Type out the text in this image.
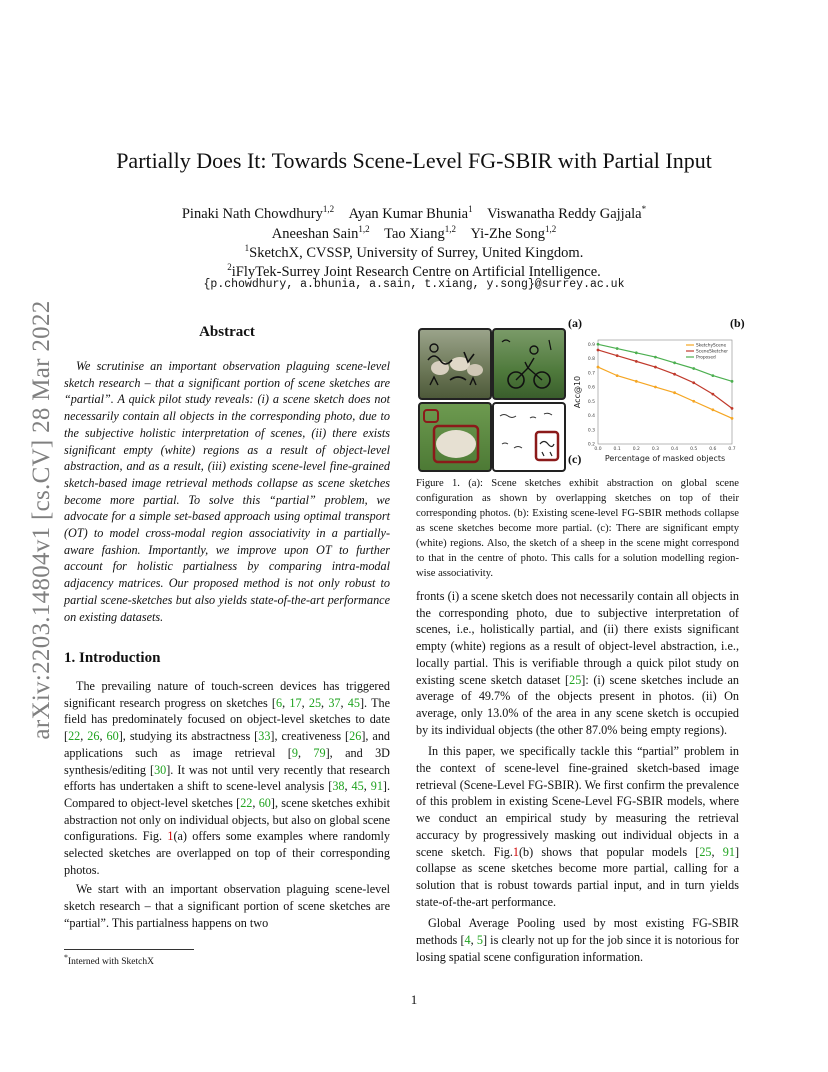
arXiv:2203.14804v1 [cs.CV] 28 Mar 2022
Partially Does It: Towards Scene-Level FG-SBIR with Partial Input
Pinaki Nath Chowdhury$^{1,2}$  Ayan Kumar Bhunia$^1$  Viswanatha Reddy Gajjala*
Aneeshan Sain$^{1,2}$  Tao Xiang$^{1,2}$  Yi-Zhe Song$^{1,2}$
$^1$SketchX, CVSSP, University of Surrey, United Kingdom.
$^2$iFlyTek-Surrey Joint Research Centre on Artificial Intelligence.
{p.chowdhury, a.bhunia, a.sain, t.xiang, y.song}@surrey.ac.uk
Abstract
We scrutinise an important observation plaguing scene-level sketch research – that a significant portion of scene sketches are “partial”. A quick pilot study reveals: (i) a scene sketch does not necessarily contain all objects in the corresponding photo, due to the subjective holistic interpretation of scenes, (ii) there exists significant empty (white) regions as a result of object-level abstraction, and as a result, (iii) existing scene-level fine-grained sketch-based image retrieval methods collapse as scene sketches become more partial. To solve this “partial” problem, we advocate for a simple set-based approach using optimal transport (OT) to model cross-modal region associativity in a partially-aware fashion. Importantly, we improve upon OT to further account for holistic partialness by comparing intra-modal adjacency matrices. Our proposed method is not only robust to partial scene-sketches but also yields state-of-the-art performance on existing datasets.
1. Introduction

The prevailing nature of touch-screen devices has triggered significant research progress on sketches [6, 17, 25, 37, 45]. The field has predominately focused on object-level sketches to date [22, 26, 60], studying its abstractness [33], creativeness [26], and applications such as image retrieval [9, 79], and 3D synthesis/editing [30]. It was not until very recently that research efforts has undertaken a shift to scene-level analysis [38, 45, 91]. Compared to object-level sketches [22, 60], scene sketches exhibit abstraction not only on individual objects, but also on global scene configurations. Fig. 1(a) offers some examples where randomly selected sketches are overlapped on top of their corresponding photos.

We start with an important observation plaguing scene-level sketch research – that a significant portion of scene sketches are “partial”. This partialness happens on two

*Interned with SketchX
(a)
(c)
0.0	0.1	0.2	0.3	0.4	0.5	0.6	0.7
0.2
0.3
0.4
0.5
0.6
0.7
0.8
0.9
Percentage of masked objects
Acc@10
SketchyScene
SceneSketcher
Proposed
(b)
Figure 1. (a): Scene sketches exhibit abstraction on global scene configuration as shown by overlapping sketches on top of their corresponding photos. (b): Existing scene-level FG-SBIR methods collapse as scene sketches become more partial. (c): There are significant empty (white) regions. Also, the sketch of a sheep in the scene might correspond to that in the centre of photo. This calls for a solution modelling region-wise associativity.

fronts (i) a scene sketch does not necessarily contain all objects in the corresponding photo, due to subjective interpretation of scenes, i.e., holistically partial, and (ii) there exists significant empty (white) regions as a result of object-level abstraction, i.e., locally partial. This is verifiable through a quick pilot study on existing scene sketch dataset [25]: (i) scene sketches include an average of 49.7% of the objects present in photos. (ii) On average, only 13.0% of the area in any scene sketch is occupied by its individual objects (the other 87.0% being empty regions).

In this paper, we specifically tackle this “partial” problem in the context of scene-level fine-grained sketch-based image retrieval (Scene-Level FG-SBIR). We first confirm the prevalence of this problem in existing Scene-Level FG-SBIR models, where we conduct an empirical study by measuring the retrieval accuracy by progressively masking out individual objects in a scene sketch. Fig.1(b) shows that popular models [25, 91] collapse as scene sketches become more partial, calling for a solution that is robust towards partial input, and in turn yields state-of-the-art performance.

Global Average Pooling used by most existing FG-SBIR methods [4, 5] is clearly not up for the job since it is notorious for losing spatial scene configuration information.

1
